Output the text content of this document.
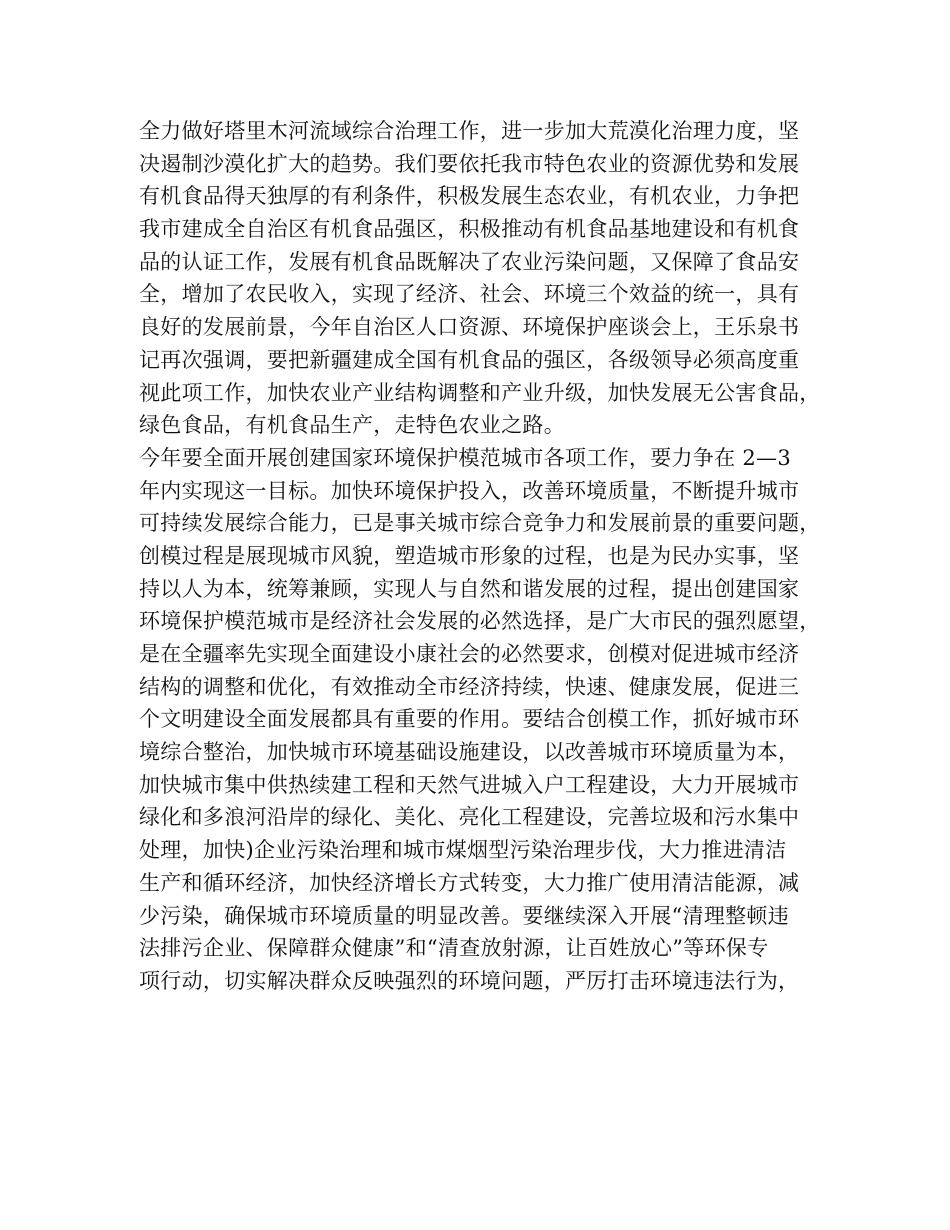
全力做好塔里木河流域综合治理工作，进一步加大荒漠化治理力度，坚
决遏制沙漠化扩大的趋势。我们要依托我市特色农业的资源优势和发展
有机食品得天独厚的有利条件，积极发展生态农业，有机农业，力争把
我市建成全自治区有机食品强区，积极推动有机食品基地建设和有机食
品的认证工作，发展有机食品既解决了农业污染问题，又保障了食品安
全，增加了农民收入，实现了经济、社会、环境三个效益的统一，具有
良好的发展前景，今年自治区人口资源、环境保护座谈会上，王乐泉书
记再次强调，要把新疆建成全国有机食品的强区，各级领导必须高度重
视此项工作，加快农业产业结构调整和产业升级，加快发展无公害食品，
绿色食品，有机食品生产，走特色农业之路。
今年要全面开展创建国家环境保护模范城市各项工作，要力争在 2—3
年内实现这一目标。加快环境保护投入，改善环境质量，不断提升城市
可持续发展综合能力，已是事关城市综合竞争力和发展前景的重要问题，
创模过程是展现城市风貌，塑造城市形象的过程，也是为民办实事，坚
持以人为本，统筹兼顾，实现人与自然和谐发展的过程，提出创建国家
环境保护模范城市是经济社会发展的必然选择，是广大市民的强烈愿望，
是在全疆率先实现全面建设小康社会的必然要求，创模对促进城市经济
结构的调整和优化，有效推动全市经济持续，快速、健康发展，促进三
个文明建设全面发展都具有重要的作用。要结合创模工作，抓好城市环
境综合整治，加快城市环境基础设施建设，以改善城市环境质量为本，
加快城市集中供热续建工程和天然气进城入户工程建设，大力开展城市
绿化和多浪河沿岸的绿化、美化、亮化工程建设，完善垃圾和污水集中
处理，加快)企业污染治理和城市煤烟型污染治理步伐，大力推进清洁
生产和循环经济，加快经济增长方式转变，大力推广使用清洁能源，减
少污染，确保城市环境质量的明显改善。要继续深入开展“清理整顿违
法排污企业、保障群众健康”和“清查放射源，让百姓放心”等环保专
项行动，切实解决群众反映强烈的环境问题，严厉打击环境违法行为，
